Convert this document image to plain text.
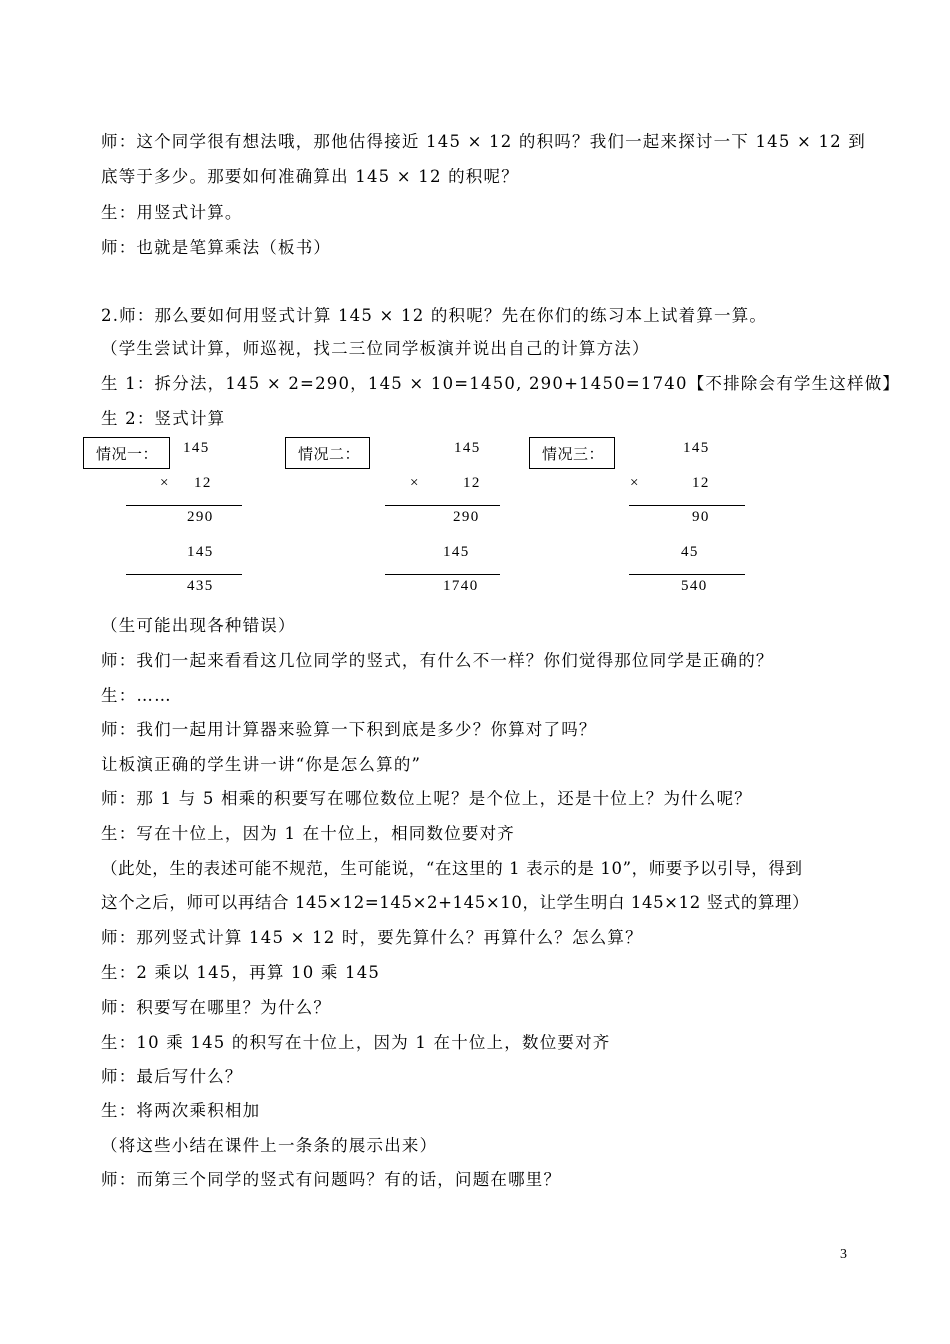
师：这个同学很有想法哦，那他估得接近 145 × 12 的积吗？我们一起来探讨一下 145 × 12 到
底等于多少。那要如何准确算出 145 × 12 的积呢？
生：用竖式计算。
师：也就是笔算乘法（板书）
2.师：那么要如何用竖式计算 145 × 12 的积呢？先在你们的练习本上试着算一算。
（学生尝试计算，师巡视，找二三位同学板演并说出自己的计算方法）
生 1：拆分法，145 × 2=290，145 × 10=1450, 290+1450=1740【不排除会有学生这样做】
生 2：竖式计算
情况一：	145
× 12
290
145
435
情况二：	145
×	12
290
145
1740
情况三：	145
×	12
90
45
540
（生可能出现各种错误）
师：我们一起来看看这几位同学的竖式，有什么不一样？你们觉得那位同学是正确的？
生：……
师：我们一起用计算器来验算一下积到底是多少？你算对了吗？
让板演正确的学生讲一讲“你是怎么算的”
师：那 1 与 5 相乘的积要写在哪位数位上呢？是个位上，还是十位上？为什么呢？
生：写在十位上，因为 1 在十位上，相同数位要对齐
（此处，生的表述可能不规范，生可能说，“在这里的 1 表示的是 10”，师要予以引导，得到
这个之后，师可以再结合 145×12=145×2+145×10，让学生明白 145×12 竖式的算理）
师：那列竖式计算 145 × 12 时，要先算什么？再算什么？怎么算？
生：2 乘以 145，再算 10 乘 145
师：积要写在哪里？为什么？
生：10 乘 145 的积写在十位上，因为 1 在十位上，数位要对齐
师：最后写什么？
生：将两次乘积相加
（将这些小结在课件上一条条的展示出来）
师：而第三个同学的竖式有问题吗？有的话，问题在哪里？
3
